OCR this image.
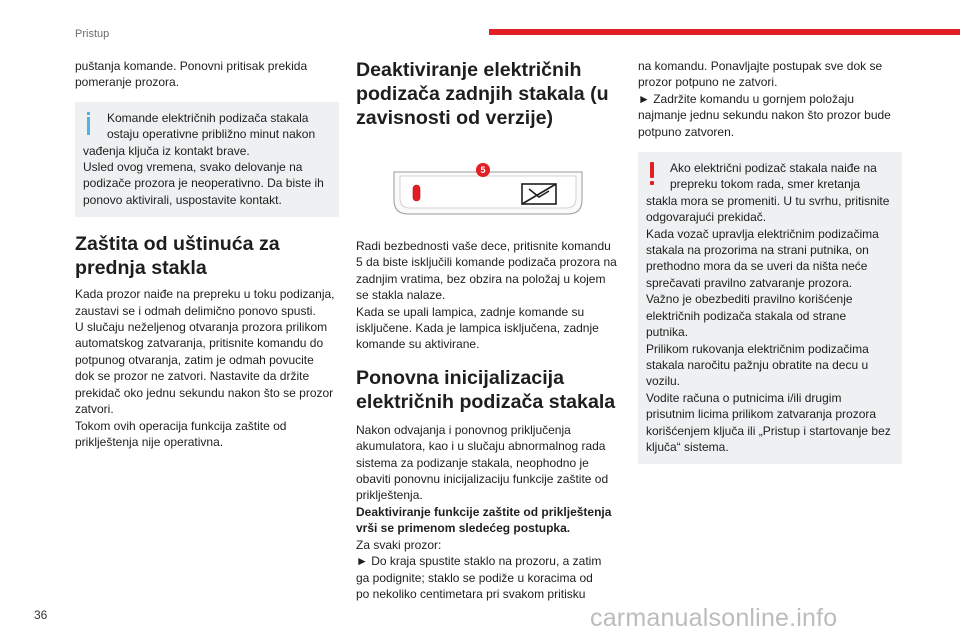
Pristup
36	carmanualsonline.info

puštanja komande. Ponovni pritisak prekida

pomeranje prozora.

Komande električnih podizača stakala

ostaju operativne približno minut nakon

vađenja ključa iz kontakt brave.

Usled ovog vremena, svako delovanje na

podizače prozora je neoperativno. Da biste ih

ponovo aktivirali, uspostavite kontakt.

Zaštita od uštinuća za
prednja stakla

Kada prozor naiđe na prepreku u toku podizanja,

zaustavi se i odmah delimično ponovo spusti.

U slučaju neželjenog otvaranja prozora prilikom

automatskog zatvaranja, pritisnite komandu do

potpunog otvaranja, zatim je odmah povucite

dok se prozor ne zatvori. Nastavite da držite

prekidač oko jednu sekundu nakon što se prozor

zatvori.

Tokom ovih operacija funkcija zaštite od

priklještenja nije operativna.

Deaktiviranje električnih
podizača zadnjih stakala (u
zavisnosti od verzije)
5

Radi bezbednosti vaše dece, pritisnite komandu

5 da biste isključili komande podizača prozora na

zadnjim vratima, bez obzira na položaj u kojem

se stakla nalaze.

Kada se upali lampica, zadnje komande su

isključene. Kada je lampica isključena, zadnje

komande su aktivirane.

Ponovna inicijalizacija
električnih podizača stakala

Nakon odvajanja i ponovnog priključenja

akumulatora, kao i u slučaju abnormalnog rada

sistema za podizanje stakala, neophodno je

obaviti ponovnu inicijalizaciju funkcije zaštite od

priklještenja.

Deaktiviranje funkcije zaštite od priklještenja

vrši se primenom sledećeg postupka.

Za svaki prozor:

► Do kraja spustite staklo na prozoru, a zatim

ga podignite; staklo se podiže u koracima od

po nekoliko centimetara pri svakom pritisku

na komandu. Ponavljajte postupak sve dok se

prozor potpuno ne zatvori.

► Zadržite komandu u gornjem položaju

najmanje jednu sekundu nakon što prozor bude

potpuno zatvoren.

Ako električni podizač stakala naiđe na

prepreku tokom rada, smer kretanja

stakla mora se promeniti. U tu svrhu, pritisnite

odgovarajući prekidač.

Kada vozač upravlja električnim podizačima

stakala na prozorima na strani putnika, on

prethodno mora da se uveri da ništa neće

sprečavati pravilno zatvaranje prozora.

Važno je obezbediti pravilno korišćenje

električnih podizača stakala od strane

putnika.

Prilikom rukovanja električnim podizačima

stakala naročitu pažnju obratite na decu u

vozilu.

Vodite računa o putnicima i/ili drugim

prisutnim licima prilikom zatvaranja prozora

korišćenjem ključa ili „Pristup i startovanje bez

ključa“ sistema.
